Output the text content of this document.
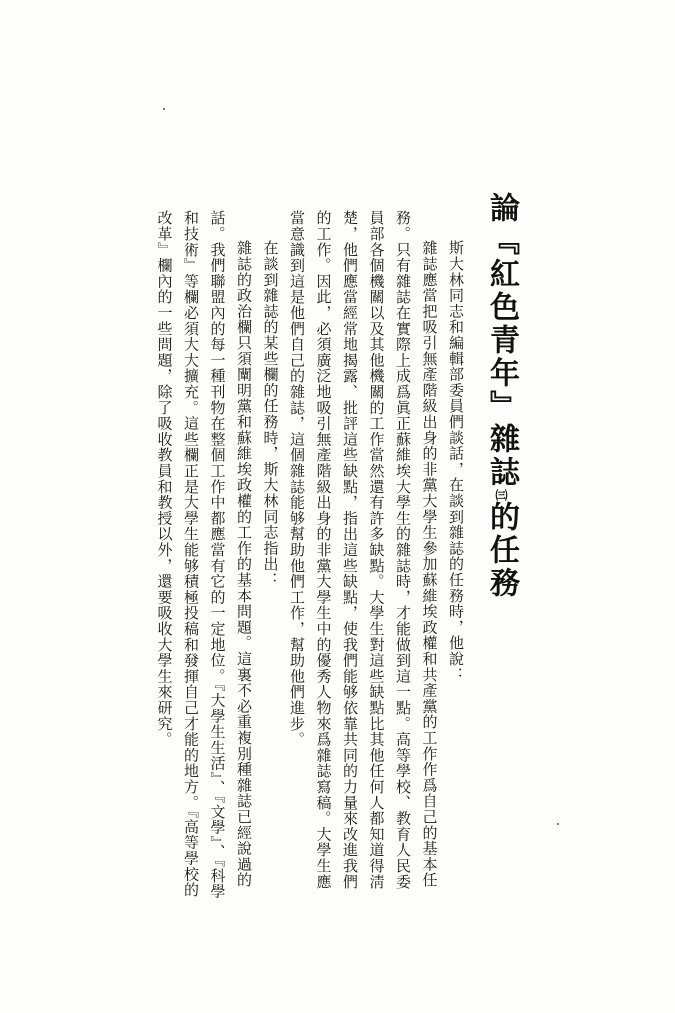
論『紅色青年』雜誌㈢的任務

斯大林同志和編輯部委員們談話，在談到雜誌的任務時，他說：

雜誌應當把吸引無產階級出身的非黨大學生參加蘇維埃政權和共產黨的工作作爲自己的基本任務。只有雜誌在實際上成爲眞正蘇維埃大學生的雜誌時，才能做到這一點。高等學校、教育人民委員部各個機關以及其他機關的工作當然還有許多缺點。大學生對這些缺點比其他任何人都知道得淸楚，他們應當經常地揭露、批評這些缺點，指出這些缺點，使我們能够依靠共同的力量來改進我們的工作。因此，必須廣泛地吸引無產階級出身的非黨大學生中的優秀人物來爲雜誌寫稿。大學生應當意識到這是他們自己的雜誌，這個雜誌能够幫助他們工作，幫助他們進步。

在談到雜誌的某些欄的任務時，斯大林同志指出：

雜誌的政治欄只須闡明黨和蘇維埃政權的工作的基本問題。這裏不必重複別種雜誌已經說過的話。我們聯盟內的每一種刊物在整個工作中都應當有它的一定地位。『大學生生活』、『文學』、『科學和技術』等欄必須大大擴充。這些欄正是大學生能够積極投稿和發揮自己才能的地方。『高等學校的改革』欄內的一些問題，除了吸收教員和教授以外，還要吸收大學生來研究。
